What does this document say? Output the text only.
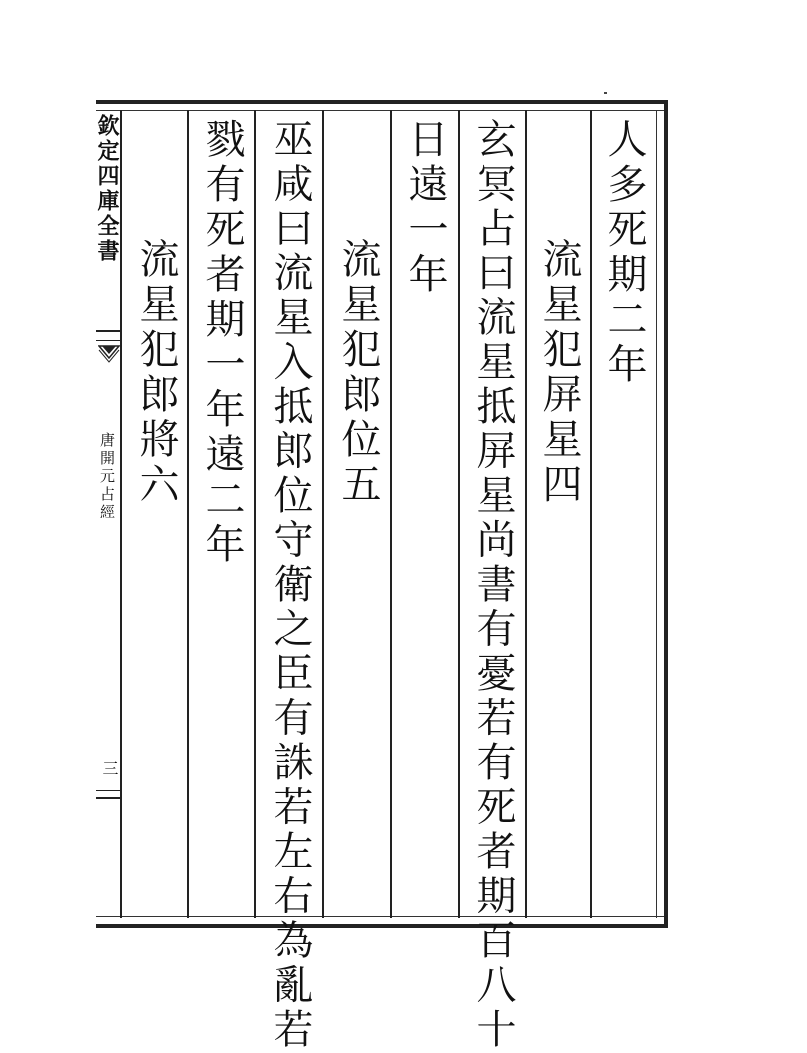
欽定四庫全書
唐開元占經
三
人多死期二年
流星犯屏星四
玄冥占曰流星抵屏星尚書有憂若有死者期百八十
日遠一年
流星犯郎位五
巫咸曰流星入抵郎位守衛之臣有誅若左右為亂若
戮有死者期一年遠二年
流星犯郎將六
